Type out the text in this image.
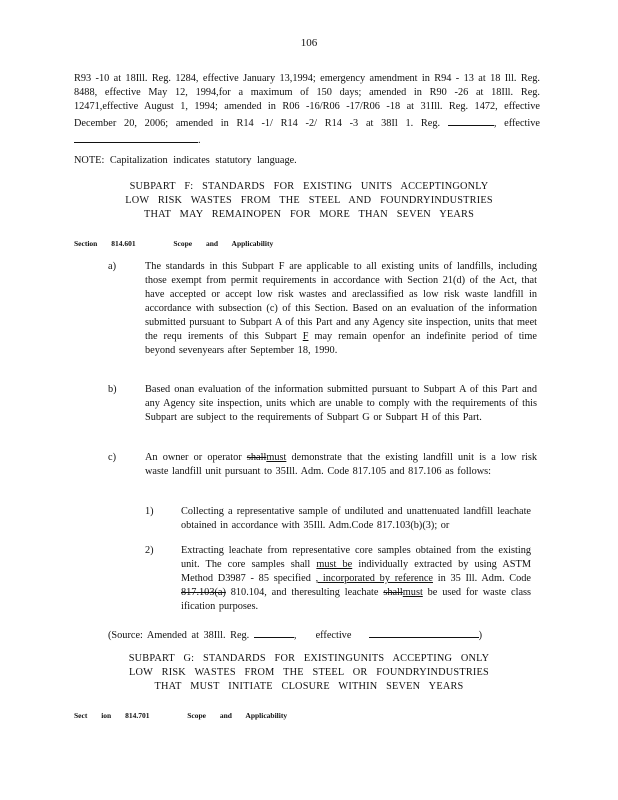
106
R93 -10 at 18Ill. Reg. 1284, effective January 13,1994; emergency amendment in R94 - 13 at 18 Ill. Reg. 8488, effective May 12, 1994,for a maximum of 150 days; amended in R90 -26 at 18Ill. Reg. 12471,effective August 1, 1994; amended in R06 -16/R06 -17/R06 -18 at 31Ill. Reg. 1472, effective December 20, 2006; amended in R14 -1/ R14 -2/ R14 -3 at 38Il 1. Reg.	, effective .
NOTE: Capitalization indicates statutory language.
SUBPART F: STANDARDS FOR EXISTING UNITS ACCEPTINGONLY
LOW RISK WASTES FROM THE STEEL AND FOUNDRYINDUSTRIES
THAT MAY REMAINOPEN FOR MORE THAN SEVEN YEARS
Section 814.601	Scope and Applicability
a)	The standards in this Subpart F are applicable to all existing units of landfills, including those exempt from permit requirements in accordance with Section 21(d) of the Act, that have accepted or accept low risk wastes and areclassified as low risk waste landfill in accordance with subsection (c) of this Section. Based on an evaluation of the information submitted pursuant to Subpart A of this Part and any Agency site inspection, units that meet the requ irements of this Subpart F may remain openfor an indefinite period of time beyond sevenyears after September 18, 1990.
b)	Based onan evaluation of the information submitted pursuant to Subpart A of this Part and any Agency site inspection, units which are unable to comply with the requirements of this Subpart are subject to the requirements of Subpart G or Subpart H of this Part.
c)	An owner or operator shallmust demonstrate that the existing landfill unit is a low risk waste landfill unit pursuant to 35Ill. Adm. Code 817.105 and 817.106 as follows:
1)	Collecting a representative sample of undiluted and unattenuated landfill leachate obtained in accordance with 35Ill. Adm.Code 817.103(b)(3); or
2)	Extracting leachate from representative core samples obtained from the existing unit. The core samples shall must be individually extracted by using ASTM Method D3987 - 85 specified , incorporated by reference in 35 Ill. Adm. Code 817.103(a) 810.104, and theresulting leachate shallmust be used for waste class ification purposes.
(Source: Amended at 38Ill. Reg.	, effective	)
SUBPART G: STANDARDS FOR EXISTINGUNITS ACCEPTING ONLY
LOW RISK WASTES FROM THE STEEL OR FOUNDRYINDUSTRIES
THAT MUST INITIATE CLOSURE WITHIN SEVEN YEARS
Sect ion 814.701	Scope and Applicability
